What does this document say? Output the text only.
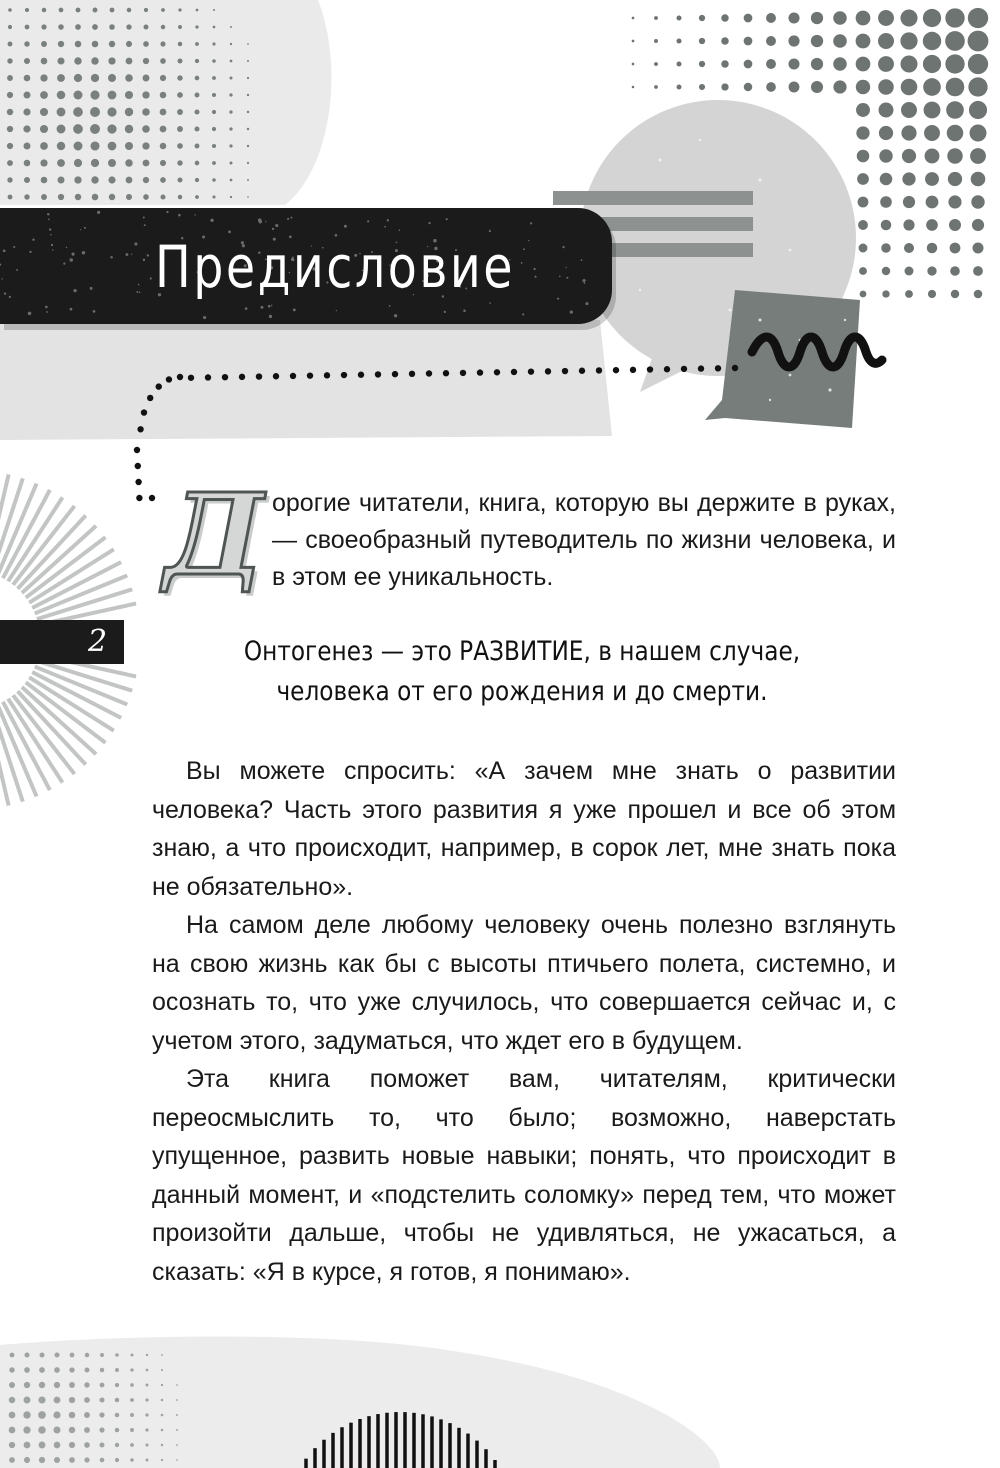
Предисловие
2
Д орогие читатели, книга, которую вы держите в руках, — своеобразный путеводитель по жизни человека, и в этом ее уникальность.
Онтогенез — это РАЗВИТИЕ, в нашем случае,
человека от его рождения и до смерти.

Вы можете спросить: «А зачем мне знать о развитии человека? Часть этого развития я уже прошел и все об этом знаю, а что происходит, например, в сорок лет, мне знать пока не обязательно».

На самом деле любому человеку очень полезно взглянуть на свою жизнь как бы с высоты птичьего полета, системно, и осознать то, что уже случилось, что совершается сейчас и, с учетом этого, задуматься, что ждет его в будущем.

Эта книга поможет вам, читателям, критически переосмыслить то, что было; возможно, наверстать упущенное, развить новые навыки; понять, что происходит в данный момент, и «подстелить соломку» перед тем, что может произойти дальше, чтобы не удивляться, не ужасаться, а сказать: «Я в курсе, я готов, я понимаю».
